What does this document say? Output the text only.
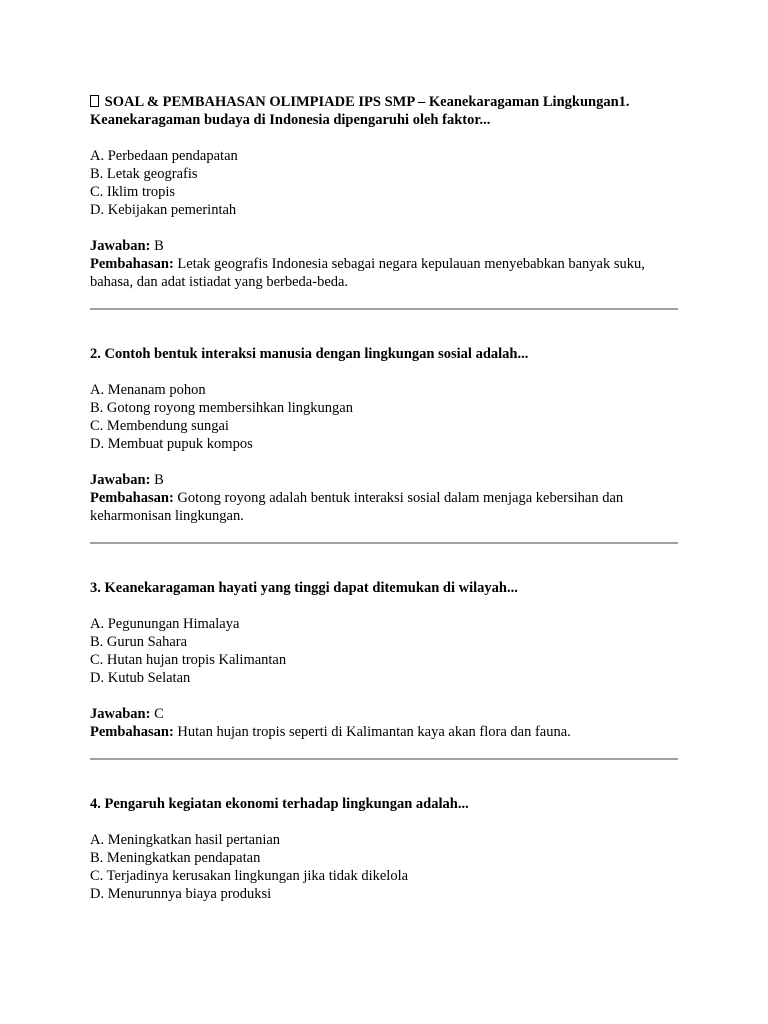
SOAL & PEMBAHASAN OLIMPIADE IPS SMP – Keanekaragaman Lingkungan1. Keanekaragaman budaya di Indonesia dipengaruhi oleh faktor...
A. Perbedaan pendapatan
B. Letak geografis
C. Iklim tropis
D. Kebijakan pemerintah
Jawaban: B
Pembahasan: Letak geografis Indonesia sebagai negara kepulauan menyebabkan banyak suku, bahasa, dan adat istiadat yang berbeda-beda.
2. Contoh bentuk interaksi manusia dengan lingkungan sosial adalah...
A. Menanam pohon
B. Gotong royong membersihkan lingkungan
C. Membendung sungai
D. Membuat pupuk kompos
Jawaban: B
Pembahasan: Gotong royong adalah bentuk interaksi sosial dalam menjaga kebersihan dan keharmonisan lingkungan.
3. Keanekaragaman hayati yang tinggi dapat ditemukan di wilayah...
A. Pegunungan Himalaya
B. Gurun Sahara
C. Hutan hujan tropis Kalimantan
D. Kutub Selatan
Jawaban: C
Pembahasan: Hutan hujan tropis seperti di Kalimantan kaya akan flora dan fauna.
4. Pengaruh kegiatan ekonomi terhadap lingkungan adalah...
A. Meningkatkan hasil pertanian
B. Meningkatkan pendapatan
C. Terjadinya kerusakan lingkungan jika tidak dikelola
D. Menurunnya biaya produksi
